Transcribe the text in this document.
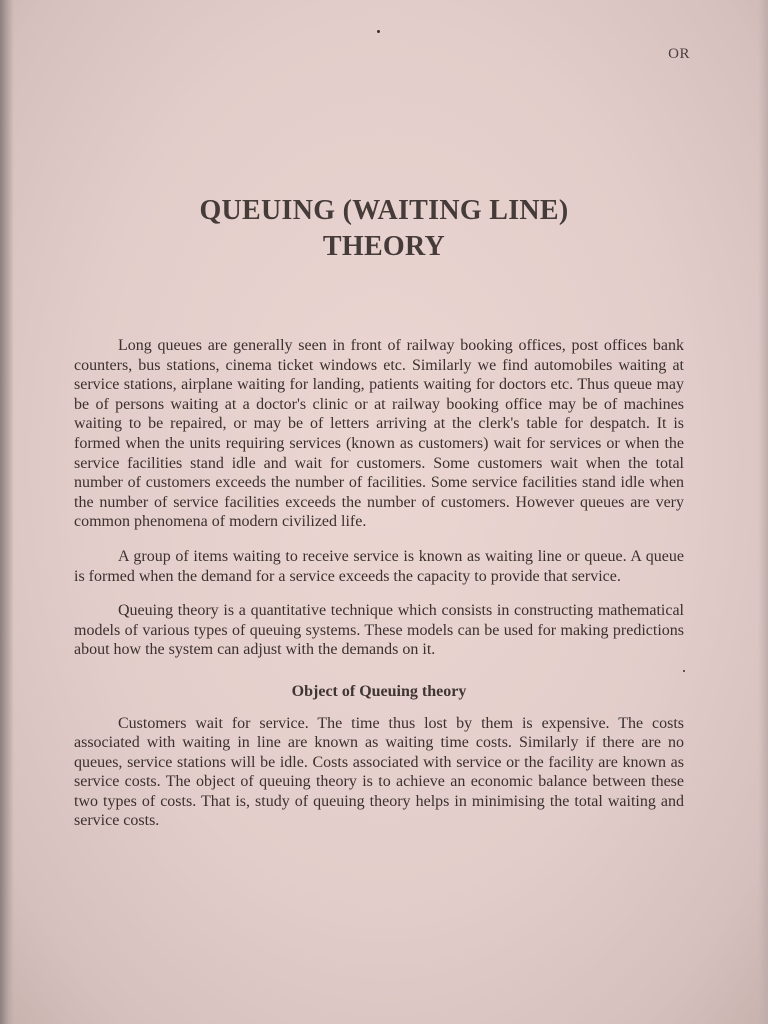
OR
QUEUING (WAITING LINE)
THEORY

Long queues are generally seen in front of railway booking offices, post offices bank counters, bus stations, cinema ticket windows etc. Similarly we find automobiles waiting at service stations, airplane waiting for landing, patients waiting for doctors etc. Thus queue may be of persons waiting at a doctor's clinic or at railway booking office may be of machines waiting to be repaired, or may be of letters arriving at the clerk's table for despatch. It is formed when the units requiring services (known as customers) wait for services or when the service facilities stand idle and wait for customers. Some customers wait when the total number of customers exceeds the number of facilities. Some service facilities stand idle when the number of service facilities exceeds the number of customers. However queues are very common phenomena of modern civilized life.

A group of items waiting to receive service is known as waiting line or queue. A queue is formed when the demand for a service exceeds the capacity to provide that service.

Queuing theory is a quantitative technique which consists in constructing mathematical models of various types of queuing systems. These models can be used for making predictions about how the system can adjust with the demands on it.

Object of Queuing theory

Customers wait for service. The time thus lost by them is expensive. The costs associated with waiting in line are known as waiting time costs. Similarly if there are no queues, service stations will be idle. Costs associated with service or the facility are known as service costs. The object of queuing theory is to achieve an economic balance between these two types of costs. That is, study of queuing theory helps in minimising the total waiting and service costs.
